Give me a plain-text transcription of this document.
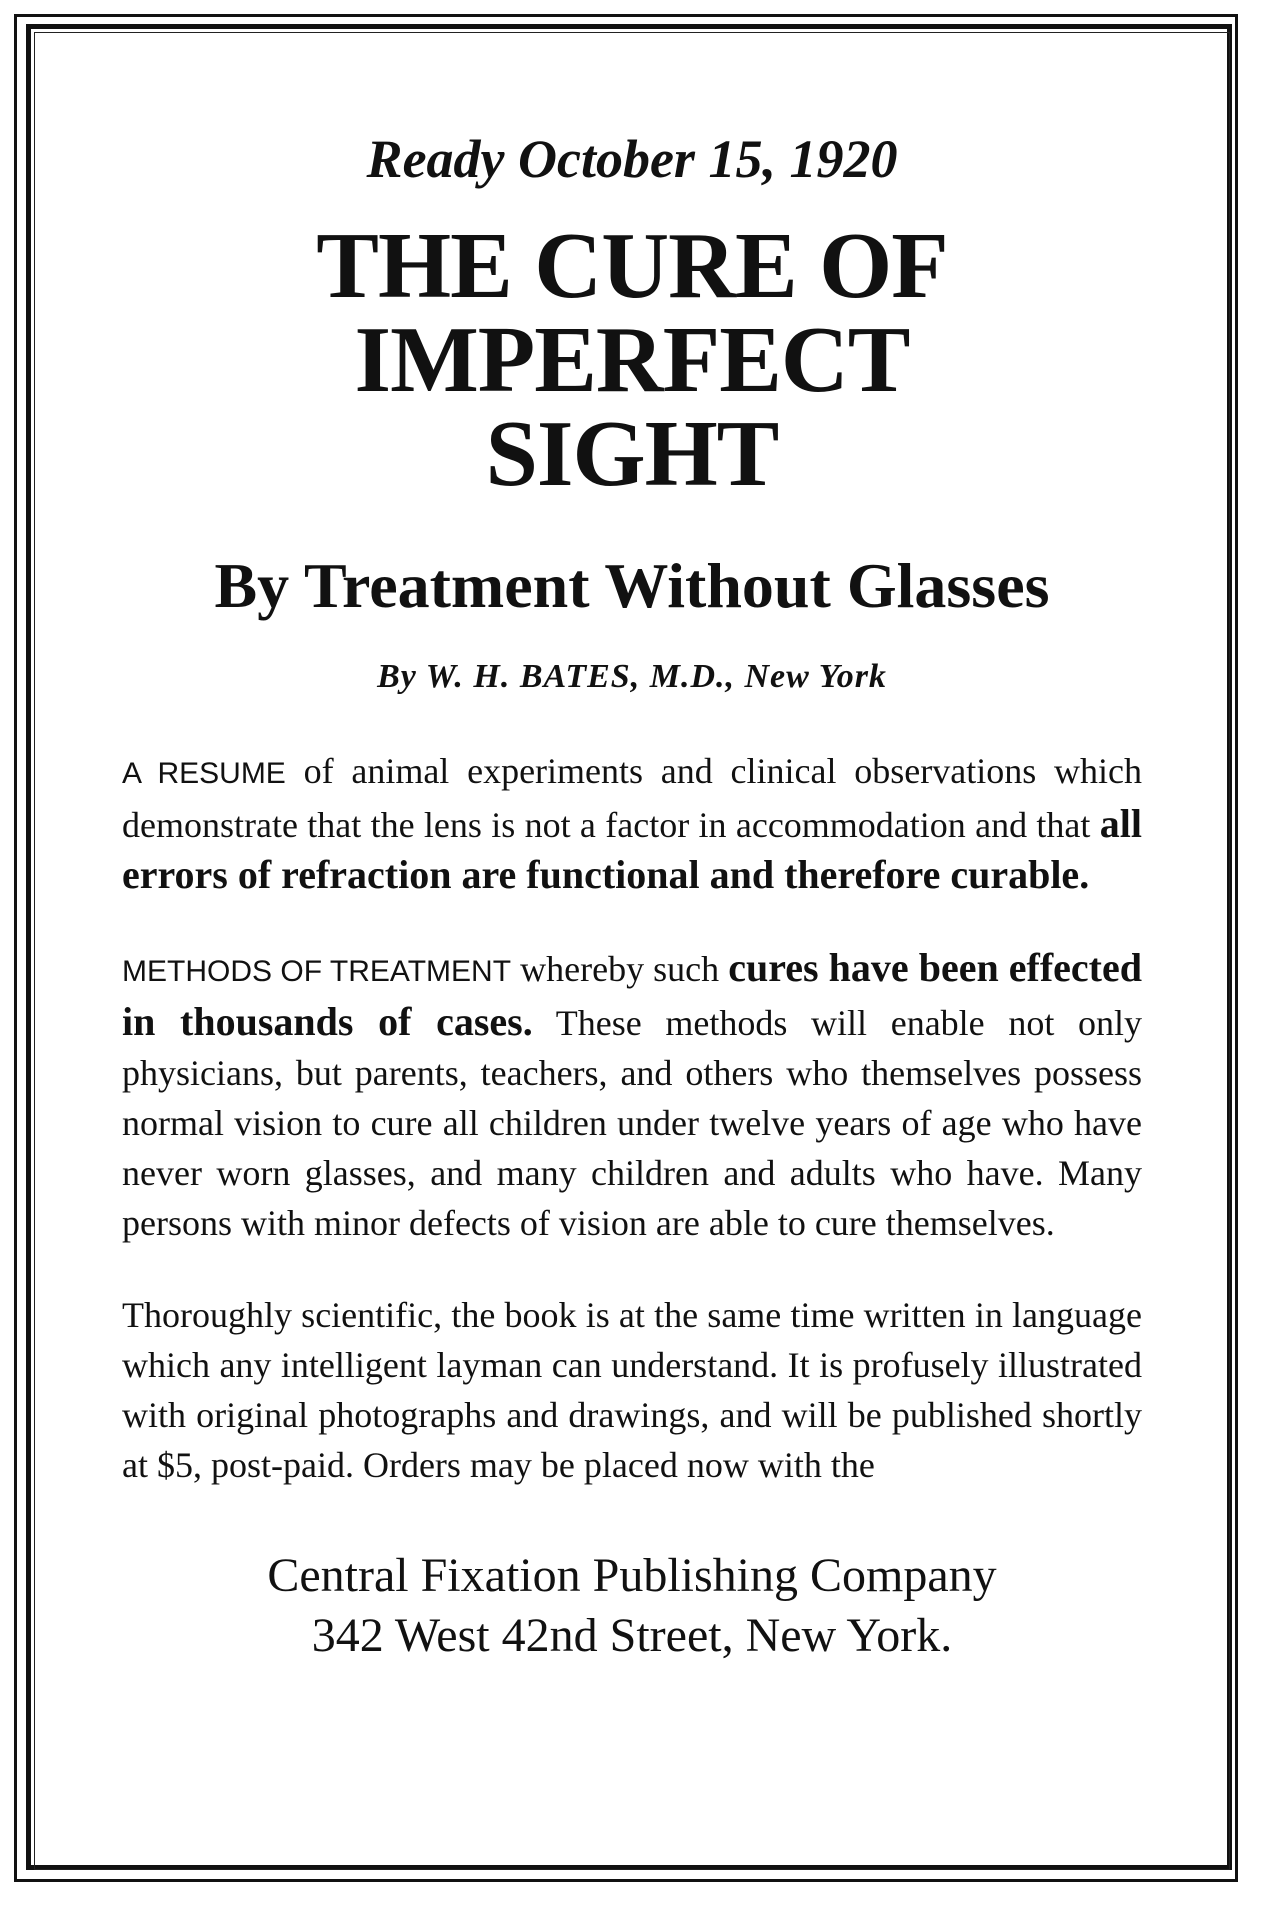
Ready October 15, 1920
THE CURE OF IMPERFECT
SIGHT
By Treatment Without Glasses
By W. H. BATES, M.D., New York

A RESUME of animal experiments and clinical observations which demonstrate that the lens is not a factor in accommodation and that all errors of refraction are functional and therefore curable.

METHODS OF TREATMENT whereby such cures have been effected in thousands of cases. These methods will enable not only physicians, but parents, teachers, and others who themselves possess normal vision to cure all children under twelve years of age who have never worn glasses, and many children and adults who have. Many persons with minor defects of vision are able to cure themselves.

Thoroughly scientific, the book is at the same time written in language which any intelligent layman can understand. It is profusely illustrated with original photographs and drawings, and will be published shortly at $5, post-paid. Orders may be placed now with the

Central Fixation Publishing Company
342 West 42nd Street, New York.
